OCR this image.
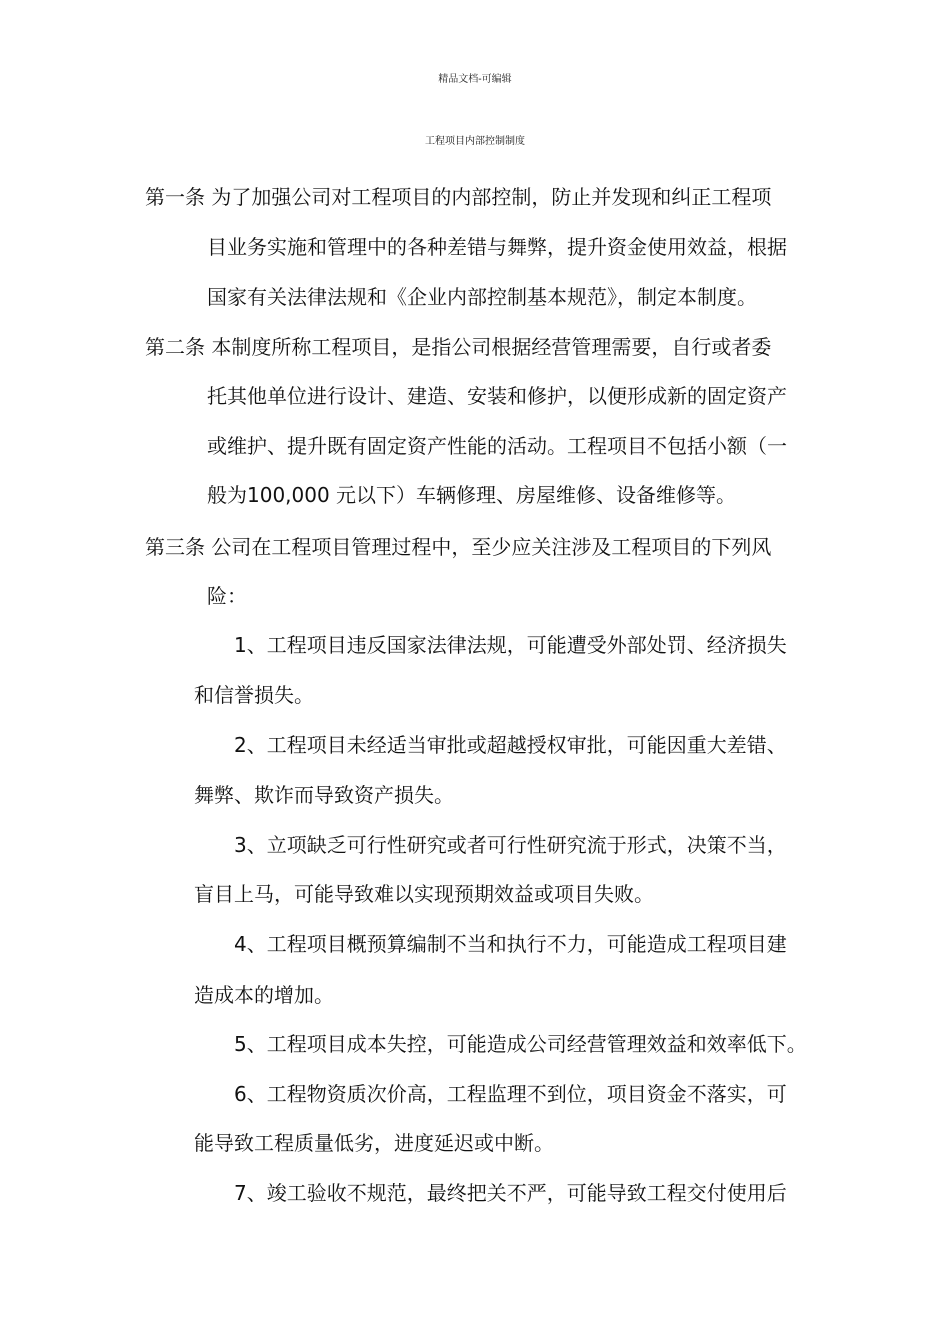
精品文档-可编辑
工程项目内部控制制度
第一条 为了加强公司对工程项目的内部控制，防止并发现和纠正工程项
目业务实施和管理中的各种差错与舞弊，提升资金使用效益，根据
国家有关法律法规和《企业内部控制基本规范》，制定本制度。
第二条 本制度所称工程项目，是指公司根据经营管理需要，自行或者委
托其他单位进行设计、建造、安装和修护，以便形成新的固定资产
或维护、提升既有固定资产性能的活动。工程项目不包括小额（一
般为100,000 元以下）车辆修理、房屋维修、设备维修等。
第三条 公司在工程项目管理过程中，至少应关注涉及工程项目的下列风
险：
1、工程项目违反国家法律法规，可能遭受外部处罚、经济损失
和信誉损失。
2、工程项目未经适当审批或超越授权审批，可能因重大差错、
舞弊、欺诈而导致资产损失。
3、立项缺乏可行性研究或者可行性研究流于形式，决策不当，
盲目上马，可能导致难以实现预期效益或项目失败。
4、工程项目概预算编制不当和执行不力，可能造成工程项目建
造成本的增加。
5、工程项目成本失控，可能造成公司经营管理效益和效率低下。
6、工程物资质次价高，工程监理不到位，项目资金不落实，可
能导致工程质量低劣，进度延迟或中断。
7、竣工验收不规范，最终把关不严，可能导致工程交付使用后
